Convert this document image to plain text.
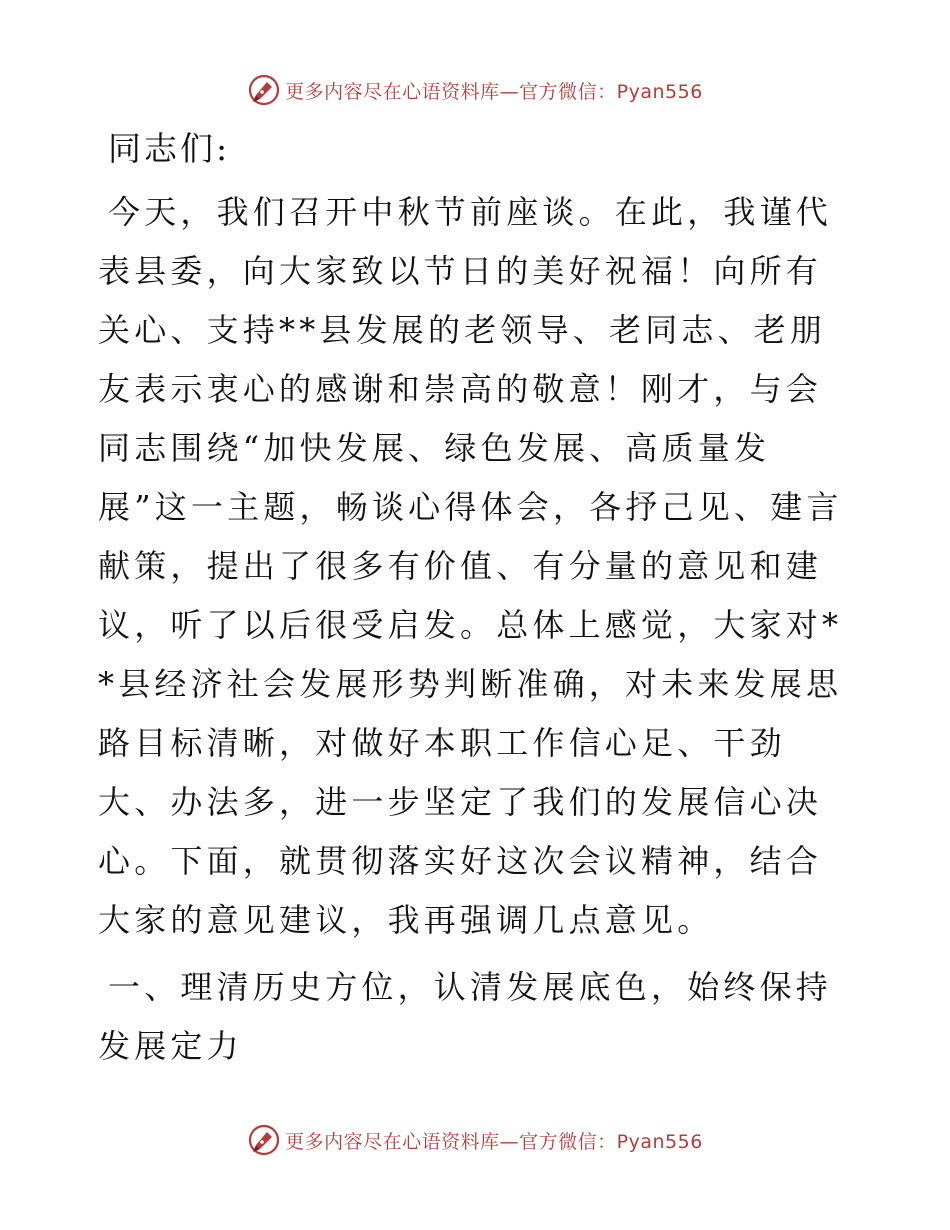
更多内容尽在心语资料库—官方微信：Pyan556

同志们:

今天，我们召开中秋节前座谈。在此，我谨代表县委，向大家致以节日的美好祝福！向所有关心、支持**县发展的老领导、老同志、老朋友表示衷心的感谢和崇高的敬意！刚才，与会同志围绕“加快发展、绿色发展、高质量发展”这一主题，畅谈心得体会，各抒己见、建言献策，提出了很多有价值、有分量的意见和建议，听了以后很受启发。总体上感觉，大家对**县经济社会发展形势判断准确，对未来发展思路目标清晰，对做好本职工作信心足、干劲大、办法多，进一步坚定了我们的发展信心决心。下面，就贯彻落实好这次会议精神，结合大家的意见建议，我再强调几点意见。

一、理清历史方位，认清发展底色，始终保持发展定力

更多内容尽在心语资料库—官方微信：Pyan556
